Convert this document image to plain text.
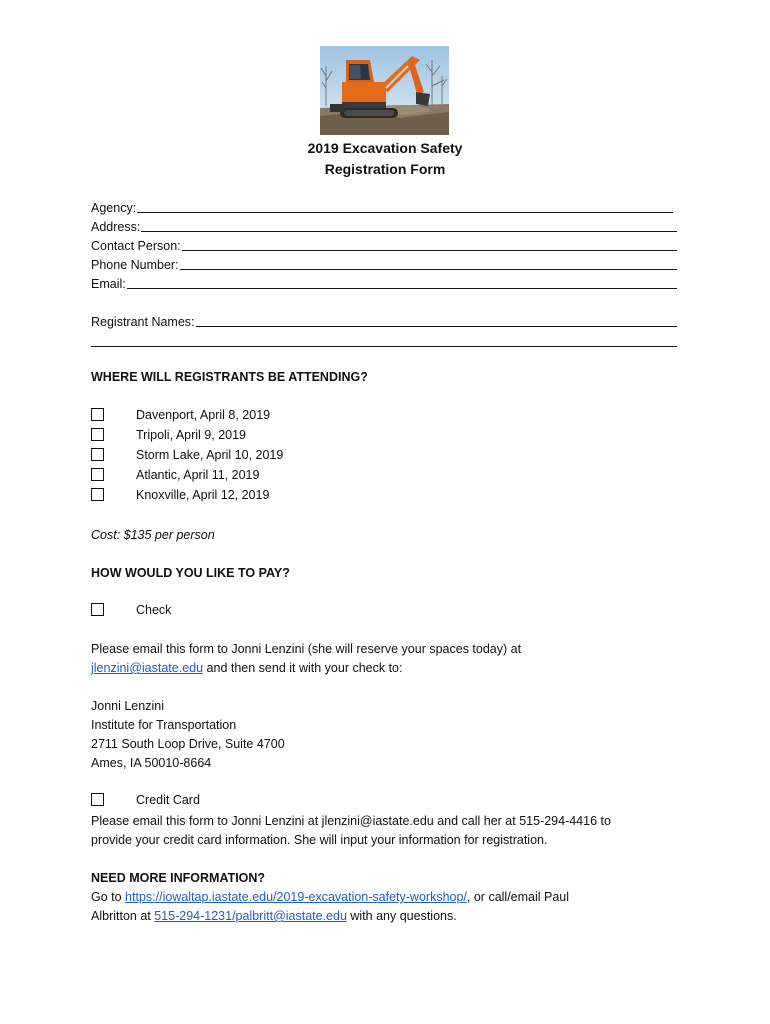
2019 Excavation Safety
Registration Form
Agency:
Address:
Contact Person:
Phone Number:
Email:
Registrant Names:
WHERE WILL REGISTRANTS BE ATTENDING?
Davenport, April 8, 2019
Tripoli, April 9, 2019
Storm Lake, April 10, 2019
Atlantic, April 11, 2019
Knoxville, April 12, 2019
Cost: $135 per person
HOW WOULD YOU LIKE TO PAY?
Check
Please email this form to Jonni Lenzini (she will reserve your spaces today) at
jlenzini@iastate.edu and then send it with your check to:
Jonni Lenzini
Institute for Transportation
2711 South Loop Drive, Suite 4700
Ames, IA 50010-8664
Credit Card
Please email this form to Jonni Lenzini at jlenzini@iastate.edu and call her at 515-294-4416 to
provide your credit card information. She will input your information for registration.
NEED MORE INFORMATION?
Go to https://iowaltap.iastate.edu/2019-excavation-safety-workshop/, or call/email Paul
Albritton at 515-294-1231/palbritt@iastate.edu with any questions.
